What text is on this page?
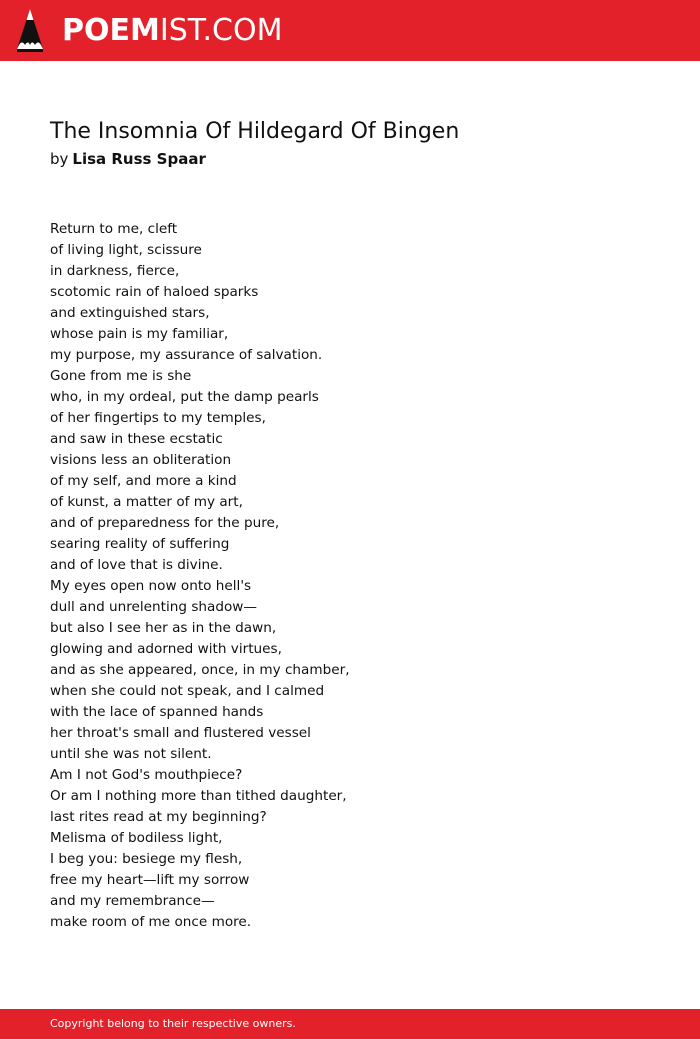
POEMIST.COM
The Insomnia Of Hildegard Of Bingen
by Lisa Russ Spaar
Return to me, cleft
of living light, scissure
in darkness, fierce,
scotomic rain of haloed sparks
and extinguished stars,
whose pain is my familiar,
my purpose, my assurance of salvation.
Gone from me is she
who, in my ordeal, put the damp pearls
of her fingertips to my temples,
and saw in these ecstatic
visions less an obliteration
of my self, and more a kind
of kunst, a matter of my art,
and of preparedness for the pure,
searing reality of suffering
and of love that is divine.
My eyes open now onto hell's
dull and unrelenting shadow—
but also I see her as in the dawn,
glowing and adorned with virtues,
and as she appeared, once, in my chamber,
when she could not speak, and I calmed
with the lace of spanned hands
her throat's small and flustered vessel
until she was not silent.
Am I not God's mouthpiece?
Or am I nothing more than tithed daughter,
last rites read at my beginning?
Melisma of bodiless light,
I beg you: besiege my flesh,
free my heart—lift my sorrow
and my remembrance—
make room of me once more.
Copyright belong to their respective owners.
